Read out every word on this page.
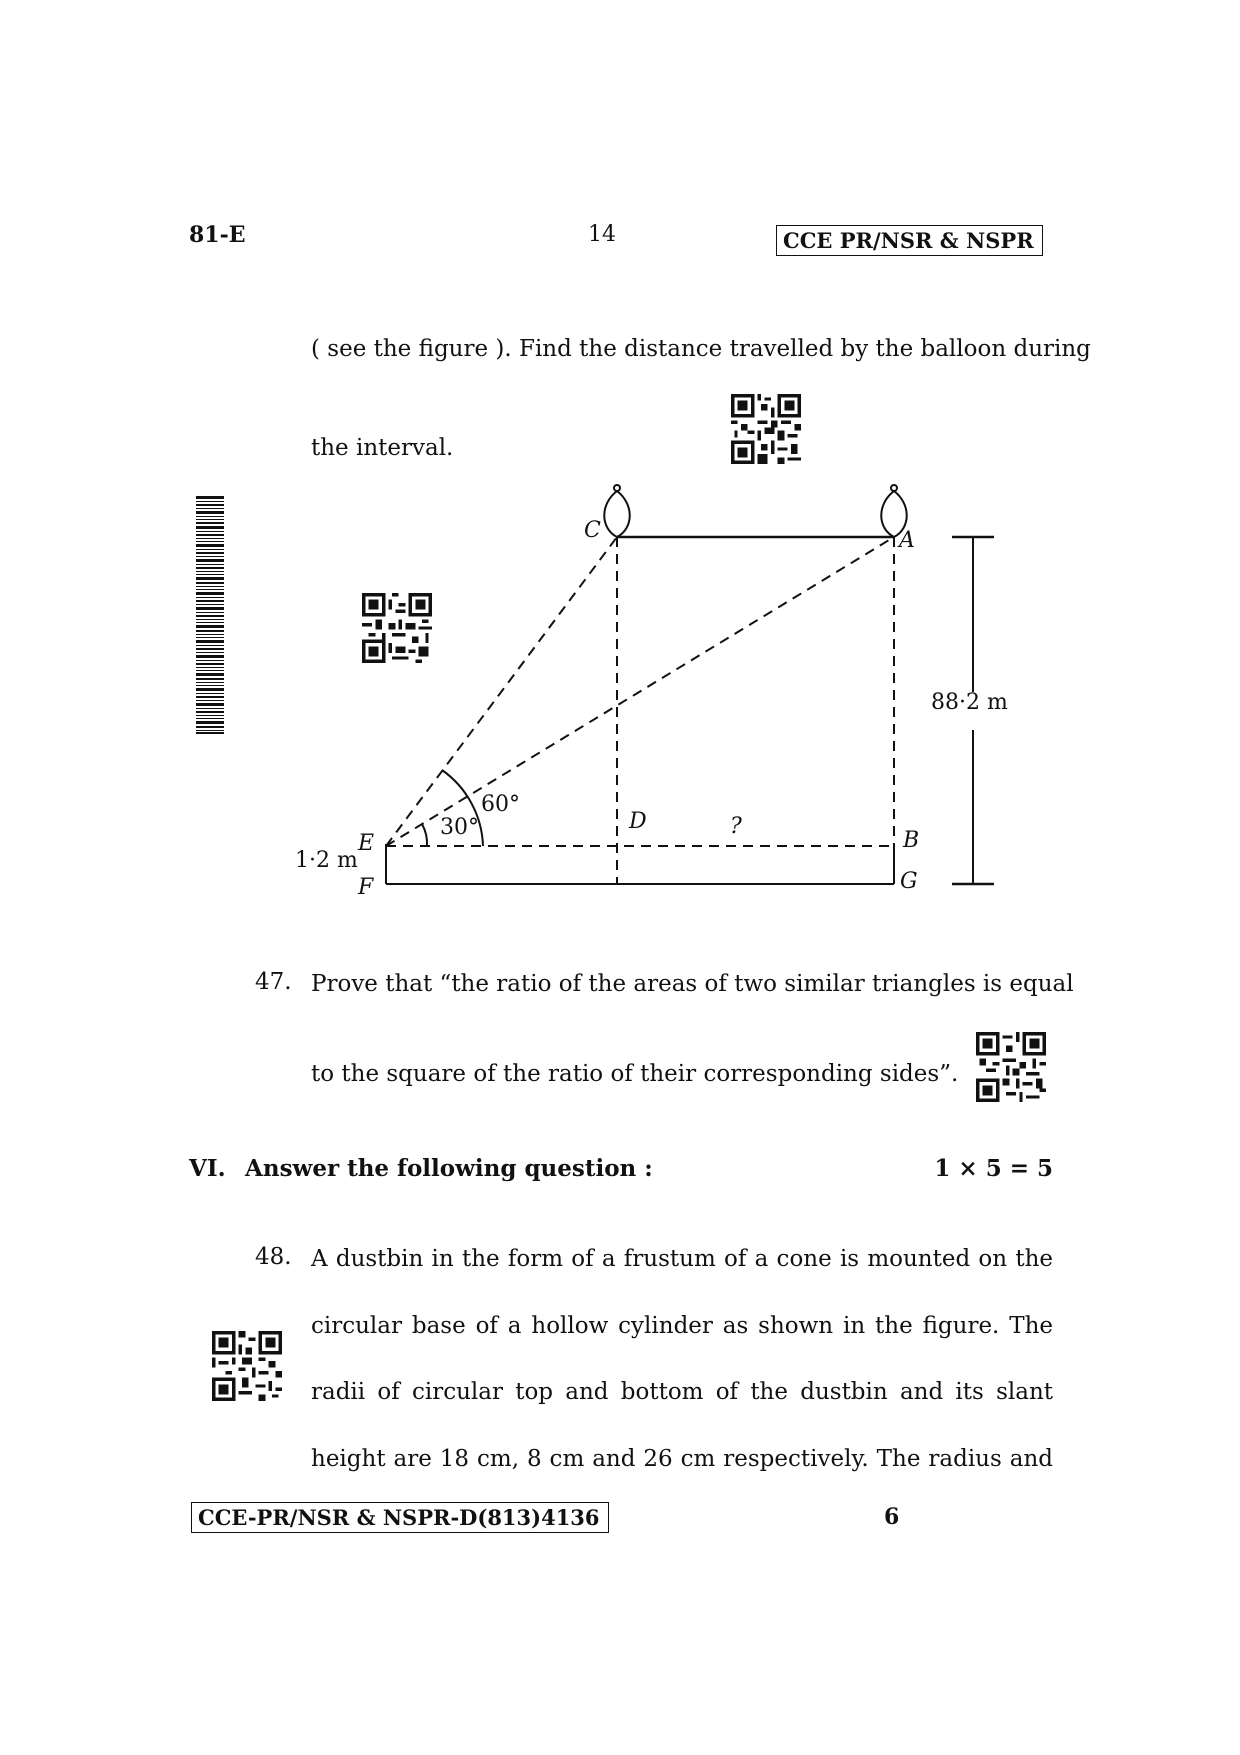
81-E	14	CCE PR/NSR & NSPR
( see the figure ). Find the distance travelled by the balloon during
the interval.
C	A
D
B
E
F	G
?
30°
60°
88·2 m
1·2 m
47. Prove that “the ratio of the areas of two similar triangles is equal
to the square of the ratio of their corresponding sides”.
VI. Answer the following question :	1 × 5 = 5
48. A dustbin in the form of a frustum of a cone is mounted on the
circular base of a hollow cylinder as shown in the figure. The
radii of circular top and bottom of the dustbin and its slant
height are 18 cm, 8 cm and 26 cm respectively. The radius and
CCE-PR/NSR & NSPR-D(813)4136	6
